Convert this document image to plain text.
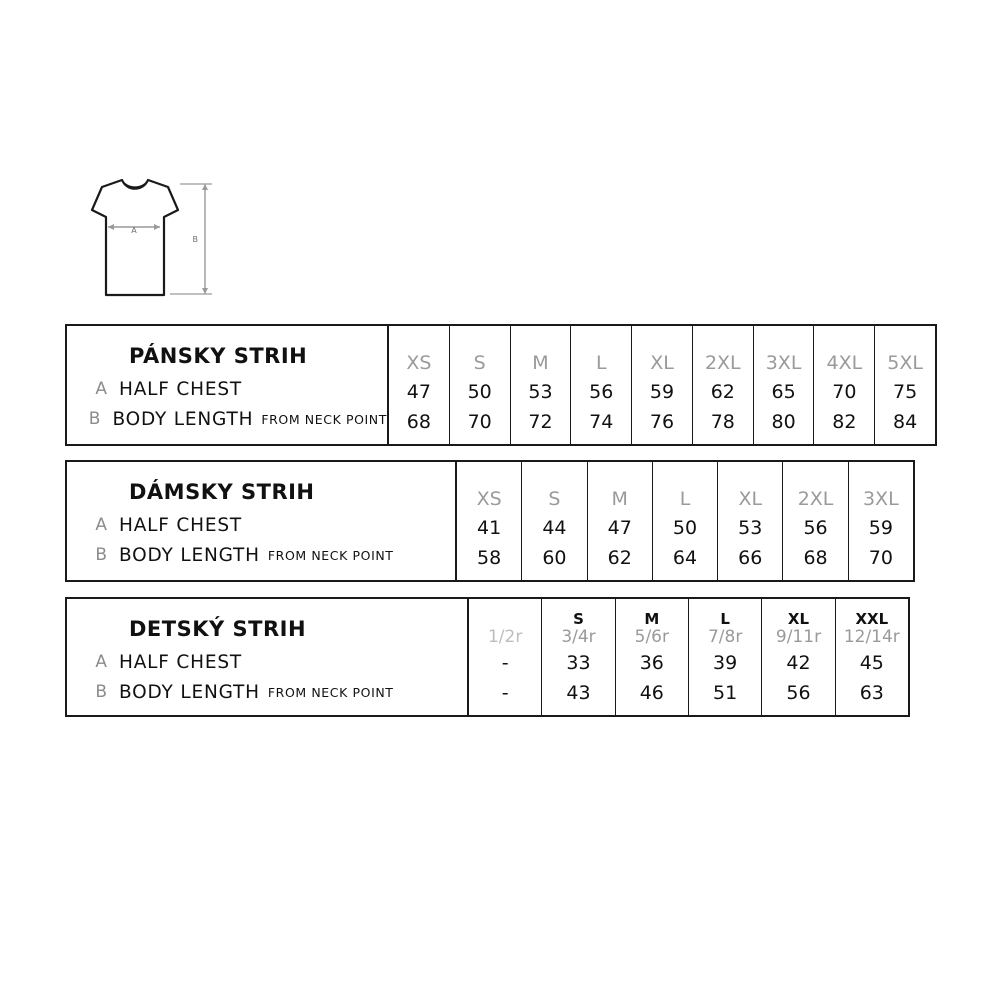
A
B
PÁNSKY STRIH
A HALF CHEST
B BODY LENGTH FROM NECK POINT
XS
47
68
S
50
70
M
53
72
L
56
74
XL
59
76
2XL
62
78
3XL
65
80
4XL
70
82
5XL
75
84
DÁMSKY STRIH
A HALF CHEST
B BODY LENGTH FROM NECK POINT
XS
41
58
S
44
60
M
47
62
L
50
64
XL
53
66
2XL
56
68
3XL
59
70
DETSKÝ STRIH
A HALF CHEST
B BODY LENGTH FROM NECK POINT
1/2r
-
-
S
3/4r
33
43
M
5/6r
36
46
L
7/8r
39
51
XL
9/11r
42
56
XXL
12/14r
45
63
